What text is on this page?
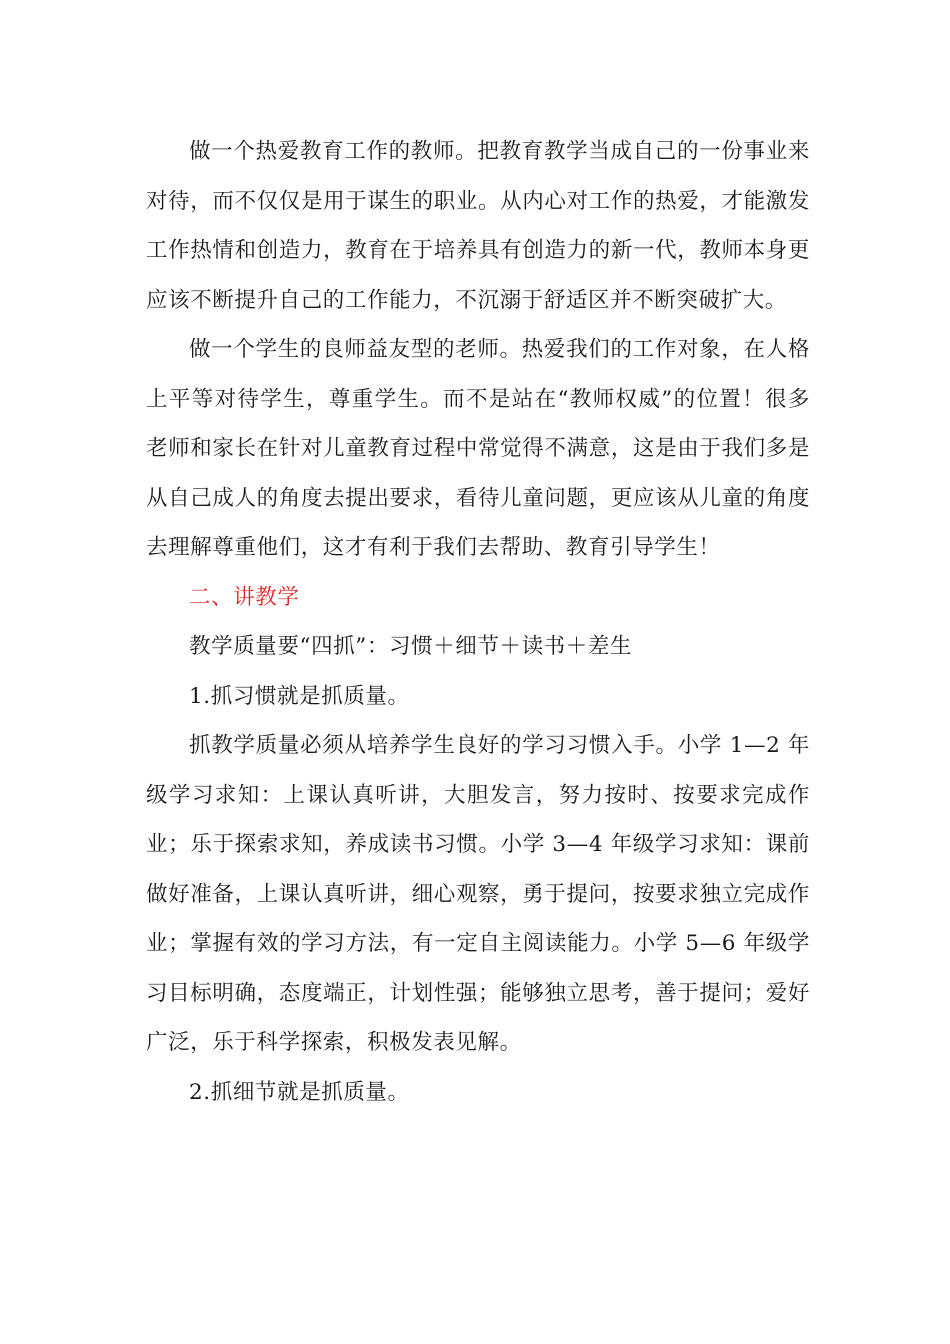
做一个热爱教育工作的教师。把教育教学当成自己的一份事业来对待，而不仅仅是用于谋生的职业。从内心对工作的热爱，才能激发工作热情和创造力，教育在于培养具有创造力的新一代，教师本身更应该不断提升自己的工作能力，不沉溺于舒适区并不断突破扩大。

做一个学生的良师益友型的老师。热爱我们的工作对象，在人格上平等对待学生，尊重学生。而不是站在“教师权威”的位置！很多老师和家长在针对儿童教育过程中常觉得不满意，这是由于我们多是从自己成人的角度去提出要求，看待儿童问题，更应该从儿童的角度去理解尊重他们，这才有利于我们去帮助、教育引导学生！

二、讲教学

教学质量要“四抓”：习惯＋细节＋读书＋差生

1.抓习惯就是抓质量。

抓教学质量必须从培养学生良好的学习习惯入手。小学 1—2 年级学习求知：上课认真听讲，大胆发言，努力按时、按要求完成作业；乐于探索求知，养成读书习惯。小学 3—4 年级学习求知：课前做好准备，上课认真听讲，细心观察，勇于提问，按要求独立完成作业；掌握有效的学习方法，有一定自主阅读能力。小学 5—6 年级学习目标明确，态度端正，计划性强；能够独立思考，善于提问；爱好广泛，乐于科学探索，积极发表见解。

2.抓细节就是抓质量。
